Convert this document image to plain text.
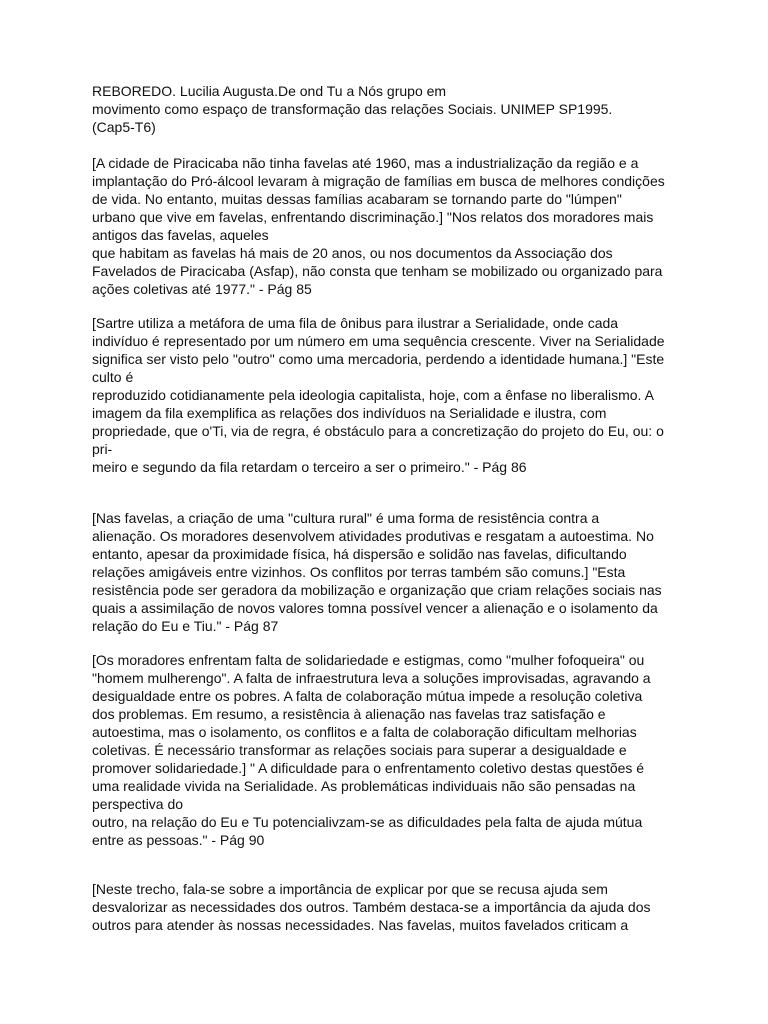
REBOREDO. Lucilia Augusta.De ond Tu a Nós grupo em
movimento como espaço de transformação das relações Sociais. UNIMEP SP1995.
(Cap5-T6)

[A cidade de Piracicaba não tinha favelas até 1960, mas a industrialização da região e a
implantação do Pró-álcool levaram à migração de famílias em busca de melhores condições
de vida. No entanto, muitas dessas famílias acabaram se tornando parte do "lúmpen"
urbano que vive em favelas, enfrentando discriminação.] "Nos relatos dos moradores mais
antigos das favelas, aqueles
que habitam as favelas há mais de 20 anos, ou nos documentos da Associação dos
Favelados de Piracicaba (Asfap), não consta que tenham se mobilizado ou organizado para
ações coletivas até 1977." - Pág 85

[Sartre utiliza a metáfora de uma fila de ônibus para ilustrar a Serialidade, onde cada
indivíduo é representado por um número em uma sequência crescente. Viver na Serialidade
significa ser visto pelo "outro" como uma mercadoria, perdendo a identidade humana.] "Este
culto é
reproduzido cotidianamente pela ideologia capitalista, hoje, com a ênfase no liberalismo. A
imagem da fila exemplifica as relações dos indivíduos na Serialidade e ilustra, com
propriedade, que o'Ti, via de regra, é obstáculo para a concretização do projeto do Eu, ou: o
pri-
meiro e segundo da fila retardam o terceiro a ser o primeiro." - Pág 86

[Nas favelas, a criação de uma "cultura rural" é uma forma de resistência contra a
alienação. Os moradores desenvolvem atividades produtivas e resgatam a autoestima. No
entanto, apesar da proximidade física, há dispersão e solidão nas favelas, dificultando
relações amigáveis entre vizinhos. Os conflitos por terras também são comuns.] "Esta
resistência pode ser geradora da mobilização e organização que criam relações sociais nas
quais a assimilação de novos valores tomna possível vencer a alienação e o isolamento da
relação do Eu e Tiu." - Pág 87

[Os moradores enfrentam falta de solidariedade e estigmas, como "mulher fofoqueira" ou
"homem mulherengo". A falta de infraestrutura leva a soluções improvisadas, agravando a
desigualdade entre os pobres. A falta de colaboração mútua impede a resolução coletiva
dos problemas. Em resumo, a resistência à alienação nas favelas traz satisfação e
autoestima, mas o isolamento, os conflitos e a falta de colaboração dificultam melhorias
coletivas. É necessário transformar as relações sociais para superar a desigualdade e
promover solidariedade.] " A dificuldade para o enfrentamento coletivo destas questões é
uma realidade vivida na Serialidade. As problemáticas individuais não são pensadas na
perspectiva do
outro, na relação do Eu e Tu potencialivzam-se as dificuldades pela falta de ajuda mútua
entre as pessoas." - Pág 90

[Neste trecho, fala-se sobre a importância de explicar por que se recusa ajuda sem
desvalorizar as necessidades dos outros. Também destaca-se a importância da ajuda dos
outros para atender às nossas necessidades. Nas favelas, muitos favelados criticam a
